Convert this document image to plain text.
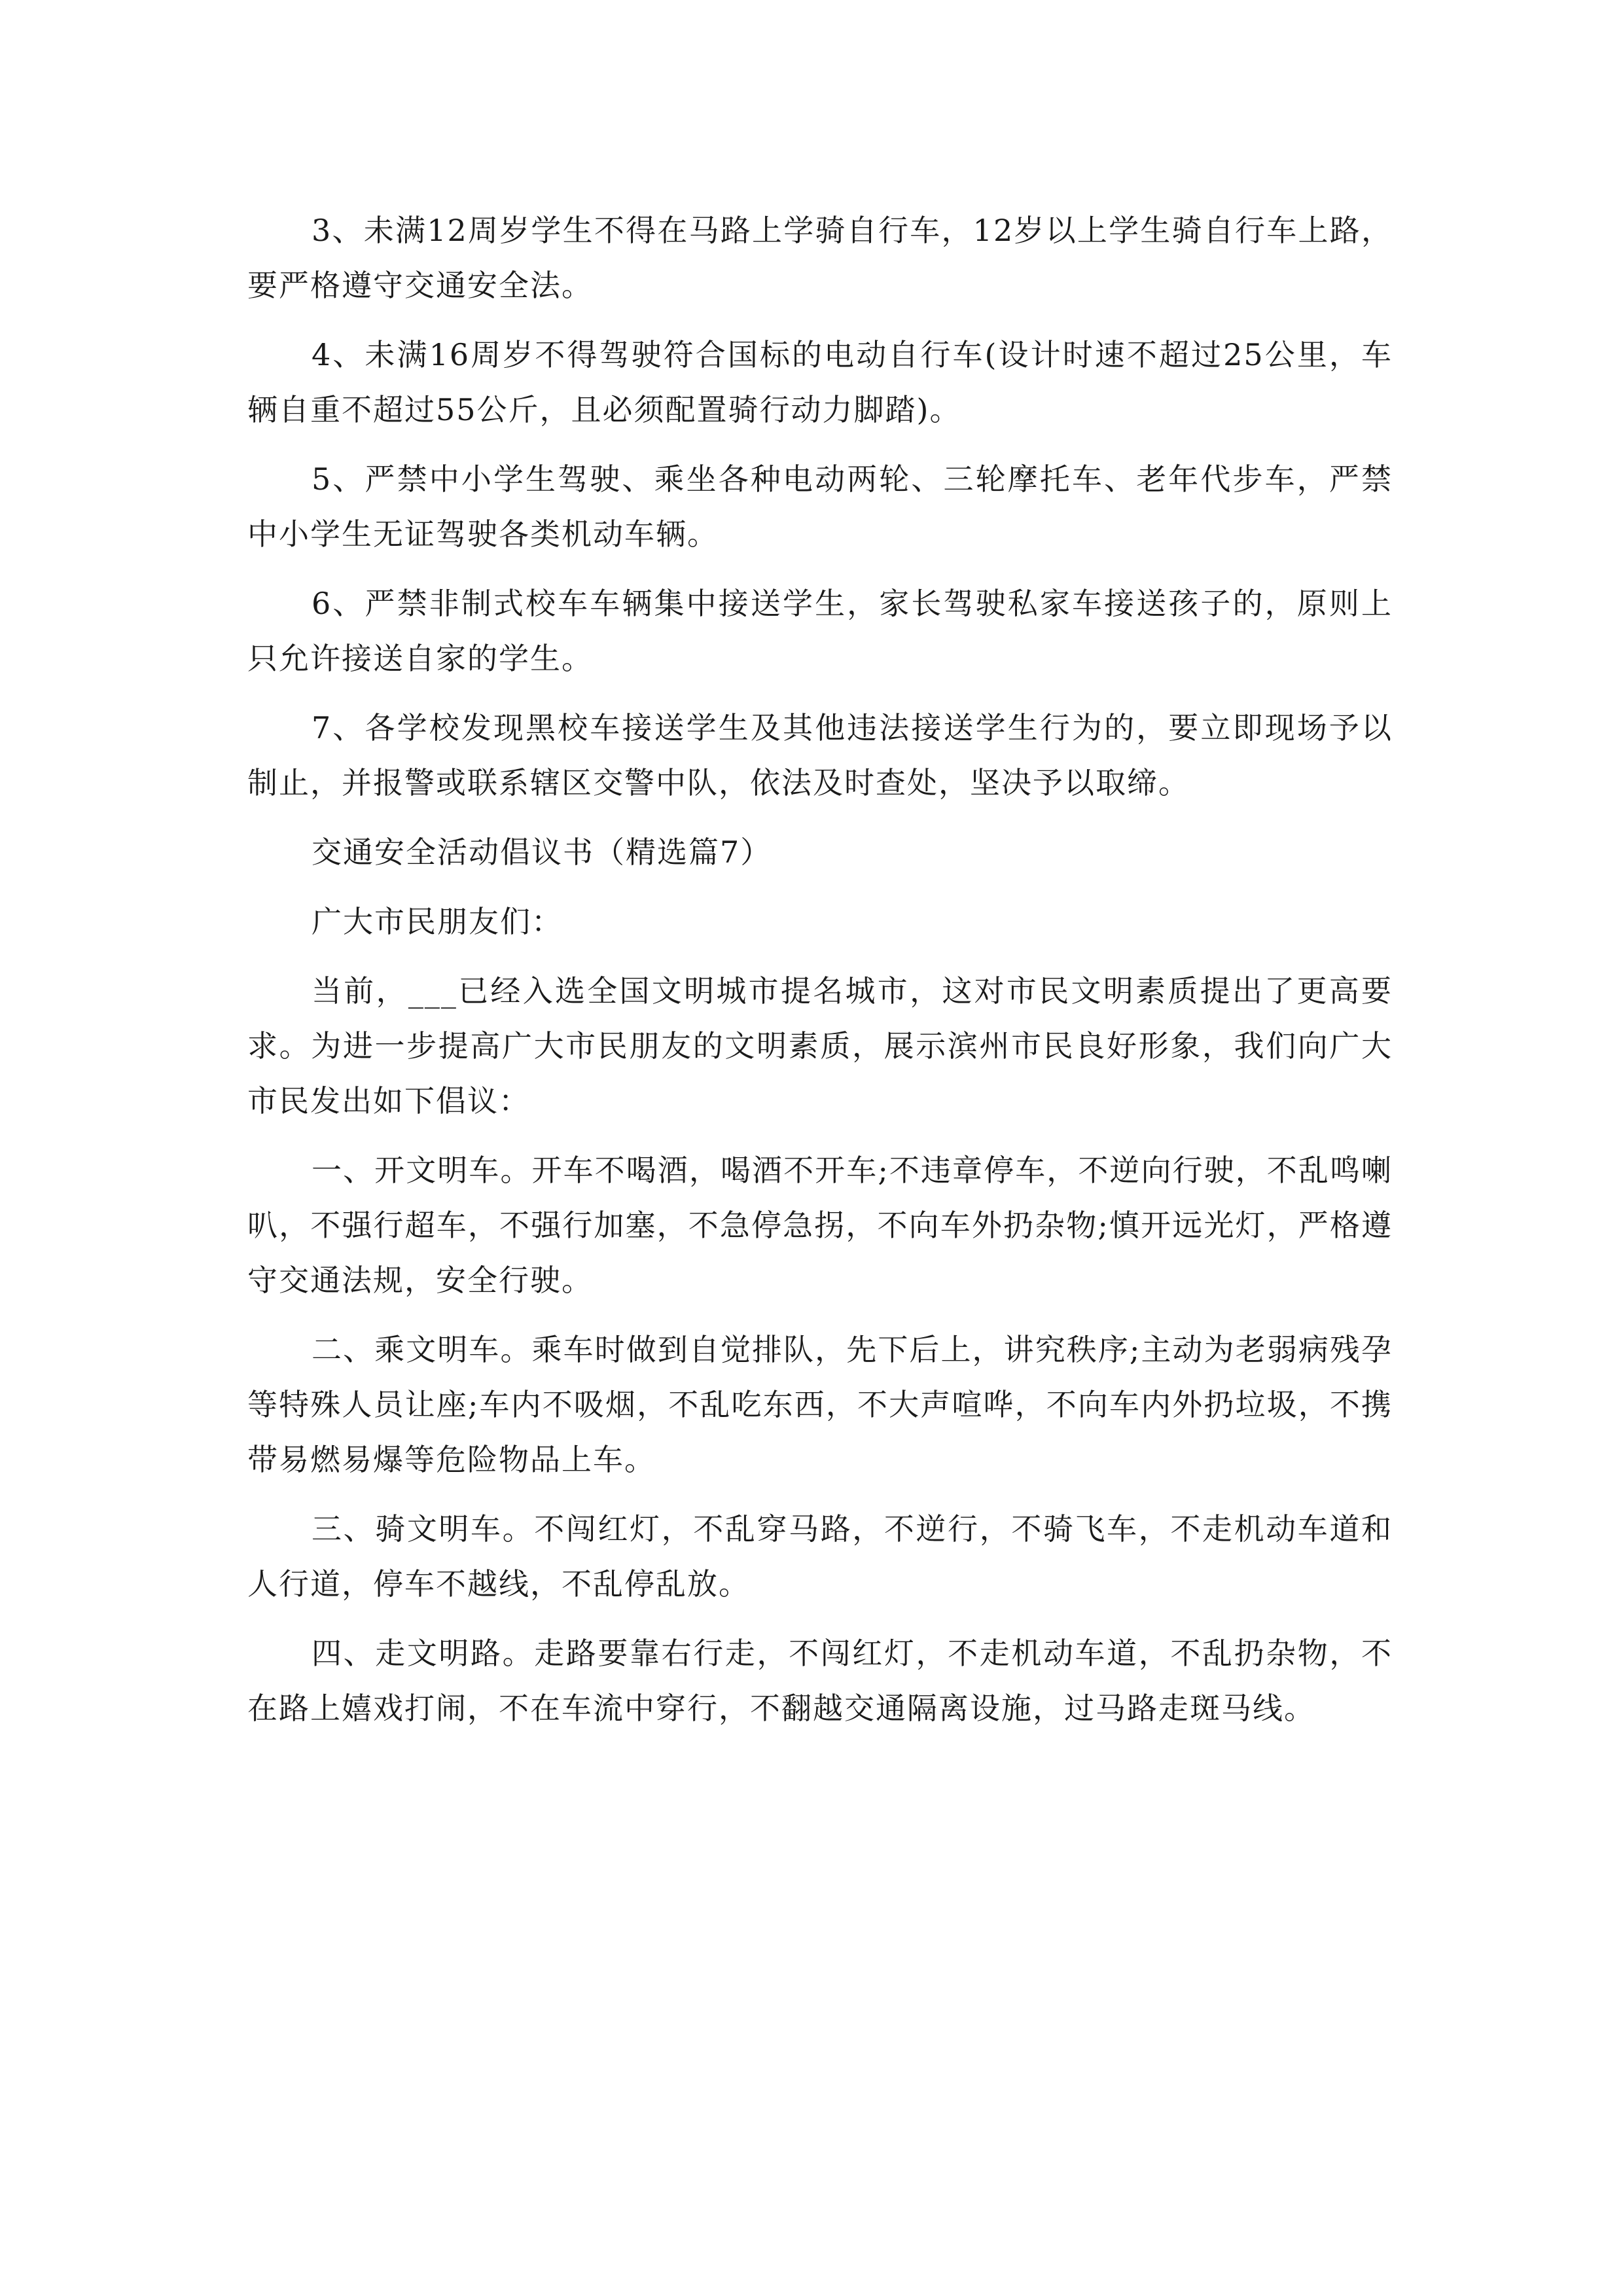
3、未满12周岁学生不得在马路上学骑自行车，12岁以上学生骑自行车上路，要严格遵守交通安全法。

4、未满16周岁不得驾驶符合国标的电动自行车(设计时速不超过25公里，车辆自重不超过55公斤，且必须配置骑行动力脚踏)。

5、严禁中小学生驾驶、乘坐各种电动两轮、三轮摩托车、老年代步车，严禁中小学生无证驾驶各类机动车辆。

6、严禁非制式校车车辆集中接送学生，家长驾驶私家车接送孩子的，原则上只允许接送自家的学生。

7、各学校发现黑校车接送学生及其他违法接送学生行为的，要立即现场予以制止，并报警或联系辖区交警中队，依法及时查处，坚决予以取缔。

交通安全活动倡议书（精选篇7）

广大市民朋友们：

当前，___已经入选全国文明城市提名城市，这对市民文明素质提出了更高要求。为进一步提高广大市民朋友的文明素质，展示滨州市民良好形象，我们向广大市民发出如下倡议：

一、开文明车。开车不喝酒，喝酒不开车;不违章停车，不逆向行驶，不乱鸣喇叭，不强行超车，不强行加塞，不急停急拐，不向车外扔杂物;慎开远光灯，严格遵守交通法规，安全行驶。

二、乘文明车。乘车时做到自觉排队，先下后上，讲究秩序;主动为老弱病残孕等特殊人员让座;车内不吸烟，不乱吃东西，不大声喧哗，不向车内外扔垃圾，不携带易燃易爆等危险物品上车。

三、骑文明车。不闯红灯，不乱穿马路，不逆行，不骑飞车，不走机动车道和人行道，停车不越线，不乱停乱放。

四、走文明路。走路要靠右行走，不闯红灯，不走机动车道，不乱扔杂物，不在路上嬉戏打闹，不在车流中穿行，不翻越交通隔离设施，过马路走斑马线。
